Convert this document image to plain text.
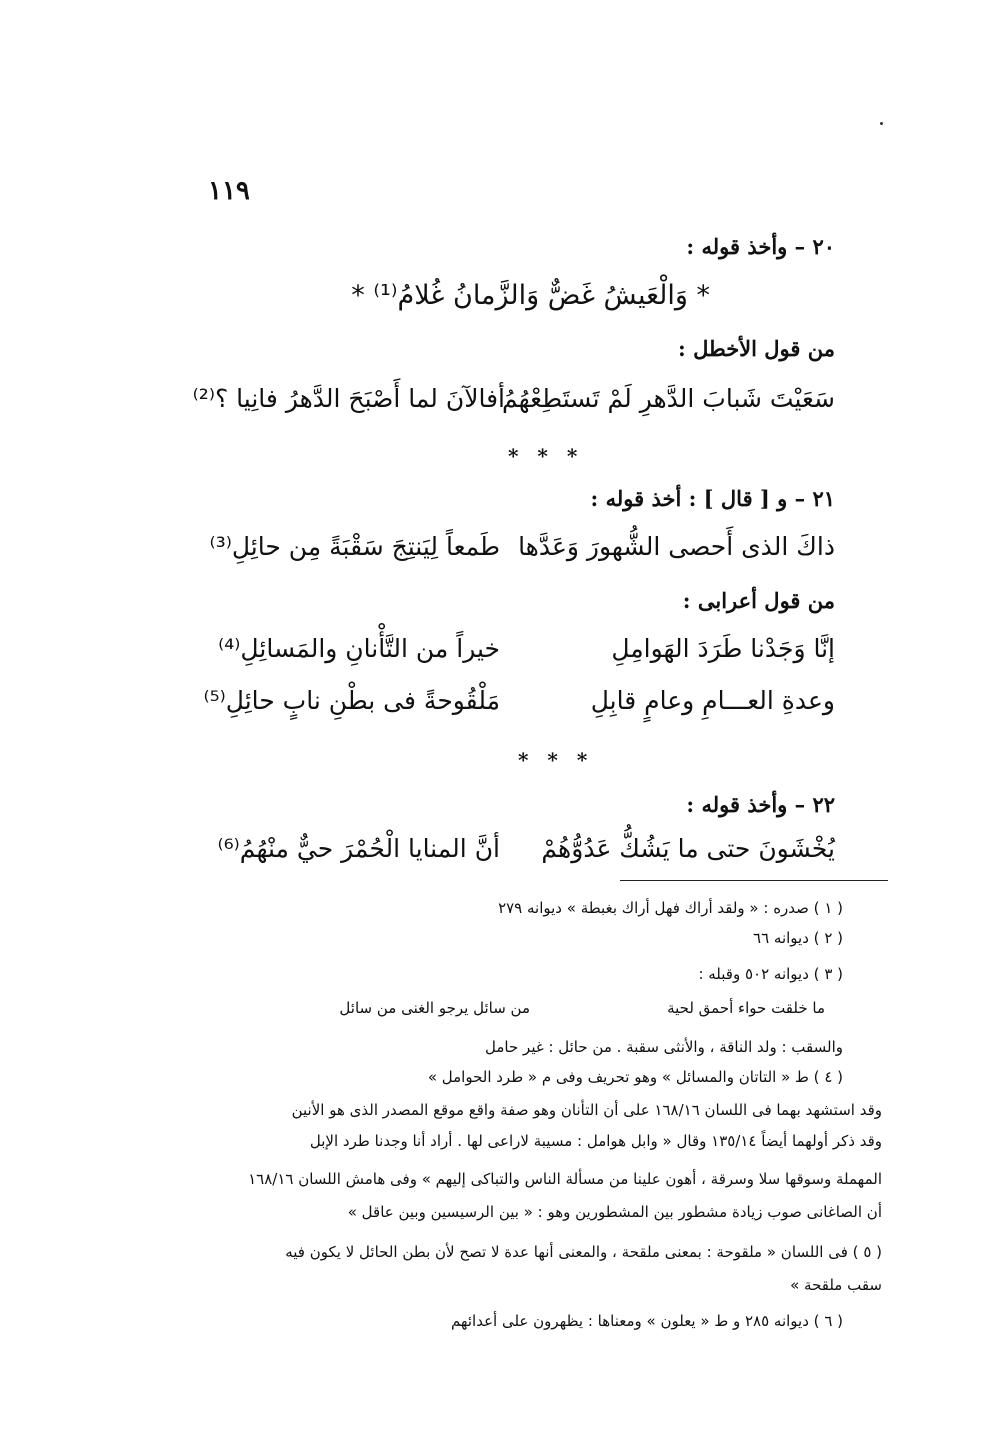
١١٩
٢٠ – وأخذ قوله :
* وَالْعَيشُ غَضٌّ وَالزَّمانُ غُلامُ⁽¹⁾ *
من قول الأخطل :
سَعَيْتَ شَبابَ الدَّهرِ لَمْ تَستَطِعْهُمُ
أفالآنَ لما أَصْبَحَ الدَّهرُ فانِيا ؟⁽²⁾
* * *
٢١ – و [ قال ] : أخذ قوله :
ذاكَ الذى أَحصى الشُّهورَ وَعَدَّها
طَمعاً لِيَنتِجَ سَقْبَةً مِن حائِلِ⁽³⁾
من قول أعرابى :
إنَّا وَجَدْنا طَرَدَ الهَوامِلِ
خيراً من التَّأْنانِ والمَسائِلِ⁽⁴⁾
وعدةِ العـــامِ وعامٍ قابِلِ
مَلْقُوحةً فى بطْنِ نابٍ حائِلِ⁽⁵⁾
* * *
٢٢ – وأخذ قوله :
يُخْشَونَ حتى ما يَشُكُّ عَدُوُّهُمْ
أنَّ المنايا الْحُمْرَ حيٌّ منْهُمُ⁽⁶⁾
( ١ ) صدره : « ولقد أراك فهل أراك بغبطة » ديوانه ٢٧٩
( ٢ ) ديوانه ٦٦
( ٣ ) ديوانه ٥٠٢ وقبله :
ما خلقت حواء أحمق لحية
من سائل يرجو الغنى من سائل
والسقب : ولد الناقة ، والأنثى سقبة . من حائل : غير حامل
( ٤ ) ط « التاتان والمسائل » وهو تحريف وفى م « طرد الحوامل »
وقد استشهد بهما فى اللسان ١٦٨/١٦ على أن التأنان وهو صفة واقع موقع المصدر الذى هو الأنين
وقد ذكر أولهما أيضاً ١٣٥/١٤ وقال « وابل هوامل : مسيبة لاراعى لها . أراد أنا وجدنا طرد الإبل
المهملة وسوقها سلا وسرقة ، أهون علينا من مسألة الناس والتباكى إليهم » وفى هامش اللسان ١٦٨/١٦
أن الصاغانى صوب زيادة مشطور بين المشطورين وهو : « بين الرسيسين وبين عاقل »
( ٥ ) فى اللسان « ملقوحة : بمعنى ملقحة ، والمعنى أنها عدة لا تصح لأن بطن الحائل لا يكون فيه
سقب ملقحة »
( ٦ ) ديوانه ٢٨٥ و ط « يعلون » ومعناها : يظهرون على أعدائهم
